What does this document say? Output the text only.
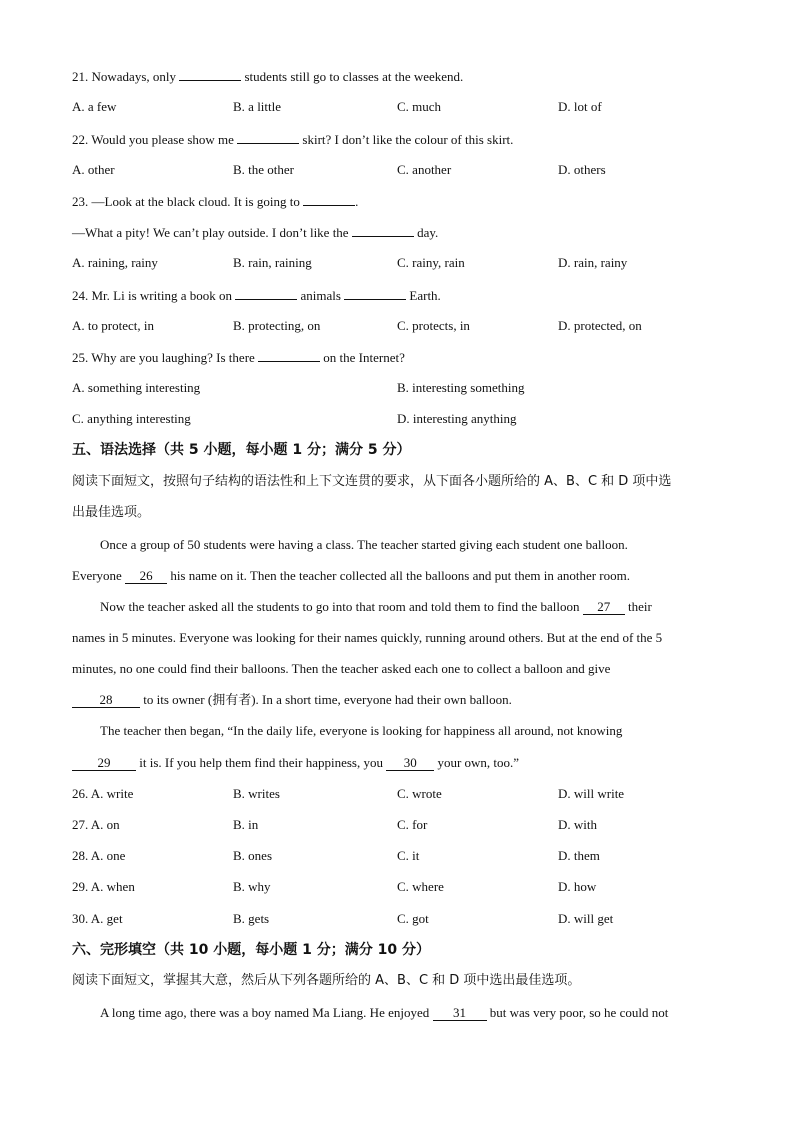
21. Nowadays, only	students still go to classes at the weekend.
A. a few	B. a little	C. much	D. lot of
22. Would you please show me	skirt? I don’t like the colour of this skirt.
A. other	B. the other	C. another	D. others
23. —Look at the black cloud. It is going to	.
—What a pity! We can’t play outside. I don’t like the	day.
A. raining, rainy	B. rain, raining	C. rainy, rain	D. rain, rainy
24. Mr. Li is writing a book on	animals	Earth.
A. to protect, in	B. protecting, on	C. protects, in	D. protected, on
25. Why are you laughing? Is there	on the Internet?
A. something interesting	B. interesting something
C. anything interesting	D. interesting anything
五、语法选择（共 5 小题，每小题 1 分；满分 5 分）
阅读下面短文，按照句子结构的语法性和上下文连贯的要求，从下面各小题所给的 A、B、C 和 D 项中选
出最佳选项。
Once a group of 50 students were having a class. The teacher started giving each student one balloon.
Everyone 26 his name on it. Then the teacher collected all the balloons and put them in another room.
Now the teacher asked all the students to go into that room and told them to find the balloon 27 their
names in 5 minutes. Everyone was looking for their names quickly, running around others. But at the end of the 5
minutes, no one could find their balloons. Then the teacher asked each one to collect a balloon and give
28 to its owner (拥有者). In a short time, everyone had their own balloon.
The teacher then began, “In the daily life, everyone is looking for happiness all around, not knowing
29 it is. If you help them find their happiness, you 30 your own, too.”
26. A. write	B. writes	C. wrote	D. will write
27. A. on	B. in	C. for	D. with
28. A. one	B. ones	C. it	D. them
29. A. when	B. why	C. where	D. how
30. A. get	B. gets	C. got	D. will get
六、完形填空（共 10 小题，每小题 1 分；满分 10 分）
阅读下面短文，掌握其大意，然后从下列各题所给的 A、B、C 和 D 项中选出最佳选项。
A long time ago, there was a boy named Ma Liang. He enjoyed 31 but was very poor, so he could not
